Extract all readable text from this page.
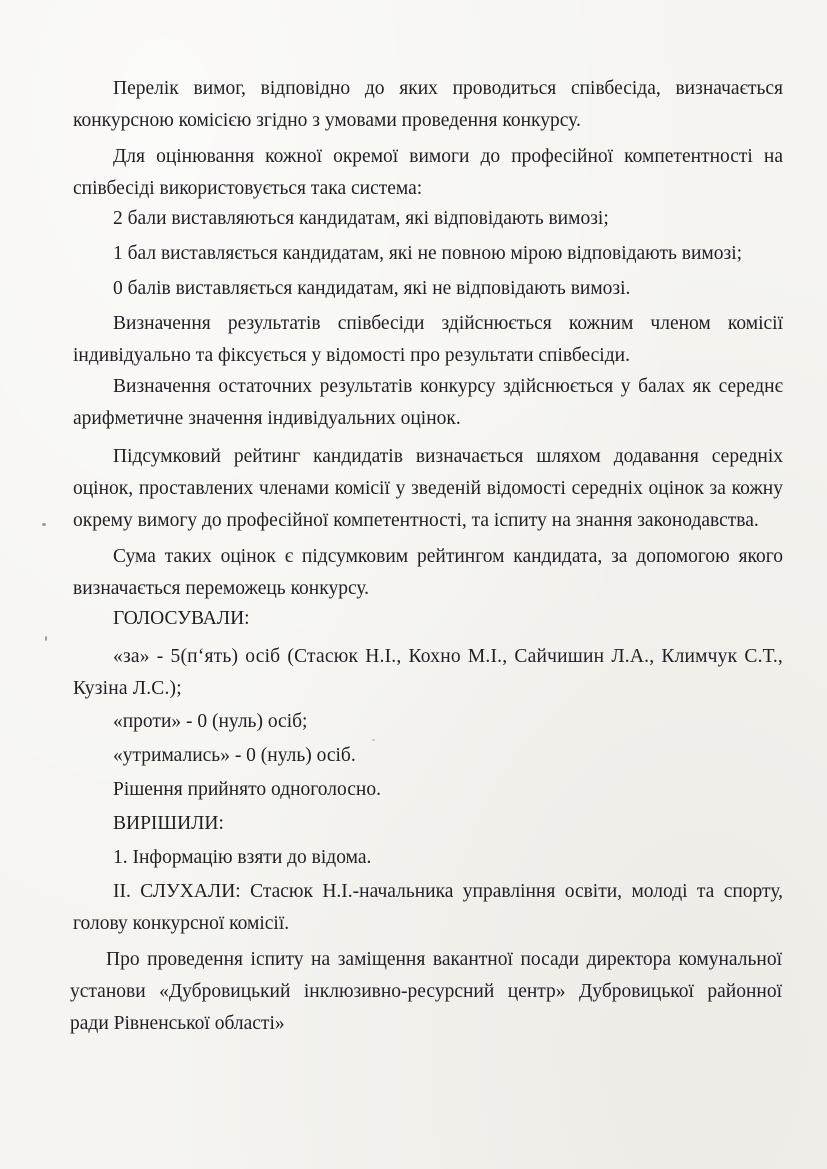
Перелік вимог, відповідно до яких проводиться співбесіда, визначається конкурсною комісією згідно з умовами проведення конкурсу.

Для оцінювання кожної окремої вимоги до професійної компетентності на співбесіді використовується така система:

2 бали виставляються кандидатам, які відповідають вимозі;

1 бал виставляється кандидатам, які не повною мірою відповідають вимозі;

0 балів виставляється кандидатам, які не відповідають вимозі.

Визначення результатів співбесіди здійснюється кожним членом комісії індивідуально та фіксується у відомості про результати співбесіди.

Визначення остаточних результатів конкурсу здійснюється у балах як середнє арифметичне значення індивідуальних оцінок.

Підсумковий рейтинг кандидатів визначається шляхом додавання середніх оцінок, проставлених членами комісії у зведеній відомості середніх оцінок за кожну окрему вимогу до професійної компетентності, та іспиту на знання законодавства.

Сума таких оцінок є підсумковим рейтингом кандидата, за допомогою якого визначається переможець конкурсу.

ГОЛОСУВАЛИ:

«за» - 5(п‘ять) осіб (Стасюк Н.І., Кохно М.І., Сайчишин Л.А., Климчук С.Т., Кузіна Л.С.);

«проти» - 0 (нуль) осіб;

«утримались» - 0 (нуль) осіб.

Рішення прийнято одноголосно.

ВИРІШИЛИ:

1. Інформацію взяти до відома.

ІІ. СЛУХАЛИ: Стасюк Н.І.-начальника управління освіти, молоді та спорту, голову конкурсної комісії.

Про проведення іспиту на заміщення вакантної посади директора комунальної установи «Дубровицький інклюзивно-ресурсний центр» Дубровицької районної ради Рівненської області»
